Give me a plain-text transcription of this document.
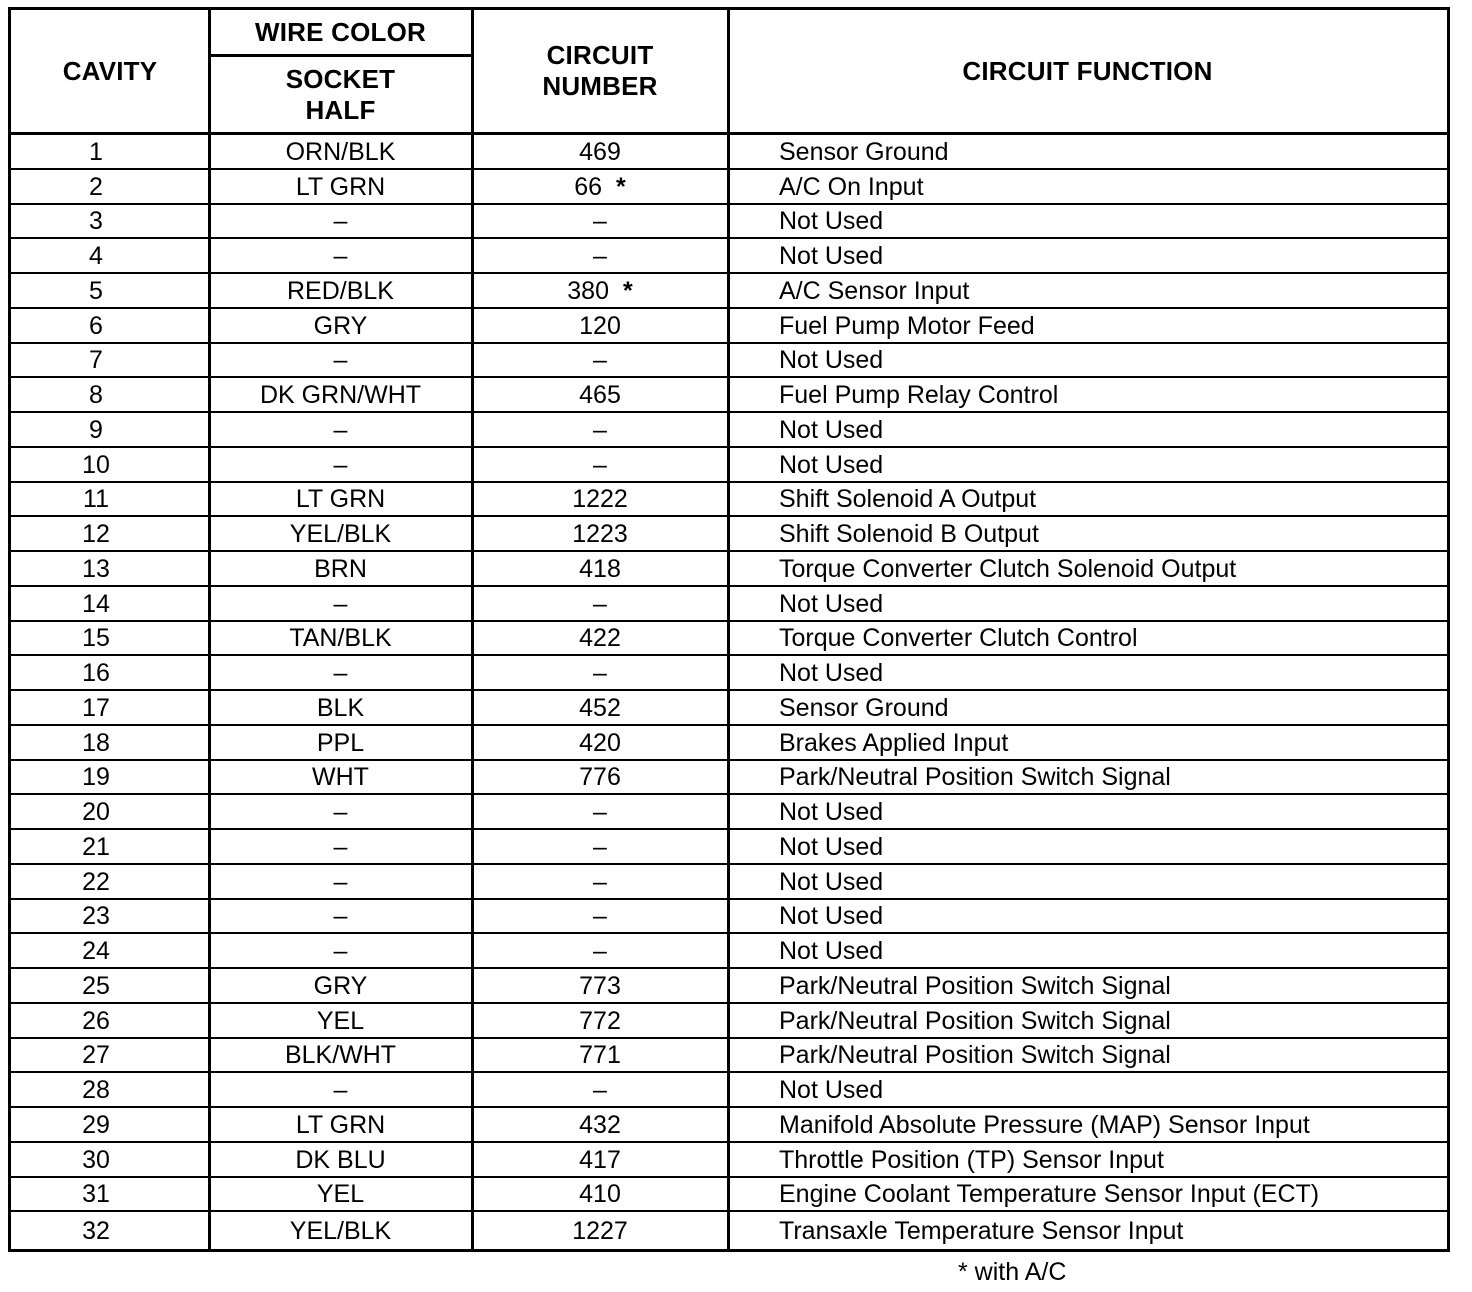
CAVITY
WIRE COLOR
SOCKET HALF
CIRCUIT NUMBER
CIRCUIT FUNCTION
1	ORN/BLK	469	Sensor Ground
2	LT GRN	66 *	A/C On Input
3	–	–	Not Used
4	–	–	Not Used
5	RED/BLK	380 *	A/C Sensor Input
6	GRY	120	Fuel Pump Motor Feed
7	–	–	Not Used
8	DK GRN/WHT	465	Fuel Pump Relay Control
9	–	–	Not Used
10	–	–	Not Used
11	LT GRN	1222	Shift Solenoid A Output
12	YEL/BLK	1223	Shift Solenoid B Output
13	BRN	418	Torque Converter Clutch Solenoid Output
14	–	–	Not Used
15	TAN/BLK	422	Torque Converter Clutch Control
16	–	–	Not Used
17	BLK	452	Sensor Ground
18	PPL	420	Brakes Applied Input
19	WHT	776	Park/Neutral Position Switch Signal
20	–	–	Not Used
21	–	–	Not Used
22	–	–	Not Used
23	–	–	Not Used
24	–	–	Not Used
25	GRY	773	Park/Neutral Position Switch Signal
26	YEL	772	Park/Neutral Position Switch Signal
27	BLK/WHT	771	Park/Neutral Position Switch Signal
28	–	–	Not Used
29	LT GRN	432	Manifold Absolute Pressure (MAP) Sensor Input
30	DK BLU	417	Throttle Position (TP) Sensor Input
31	YEL	410	Engine Coolant Temperature Sensor Input (ECT)
32	YEL/BLK	1227	Transaxle Temperature Sensor Input
* with A/C
